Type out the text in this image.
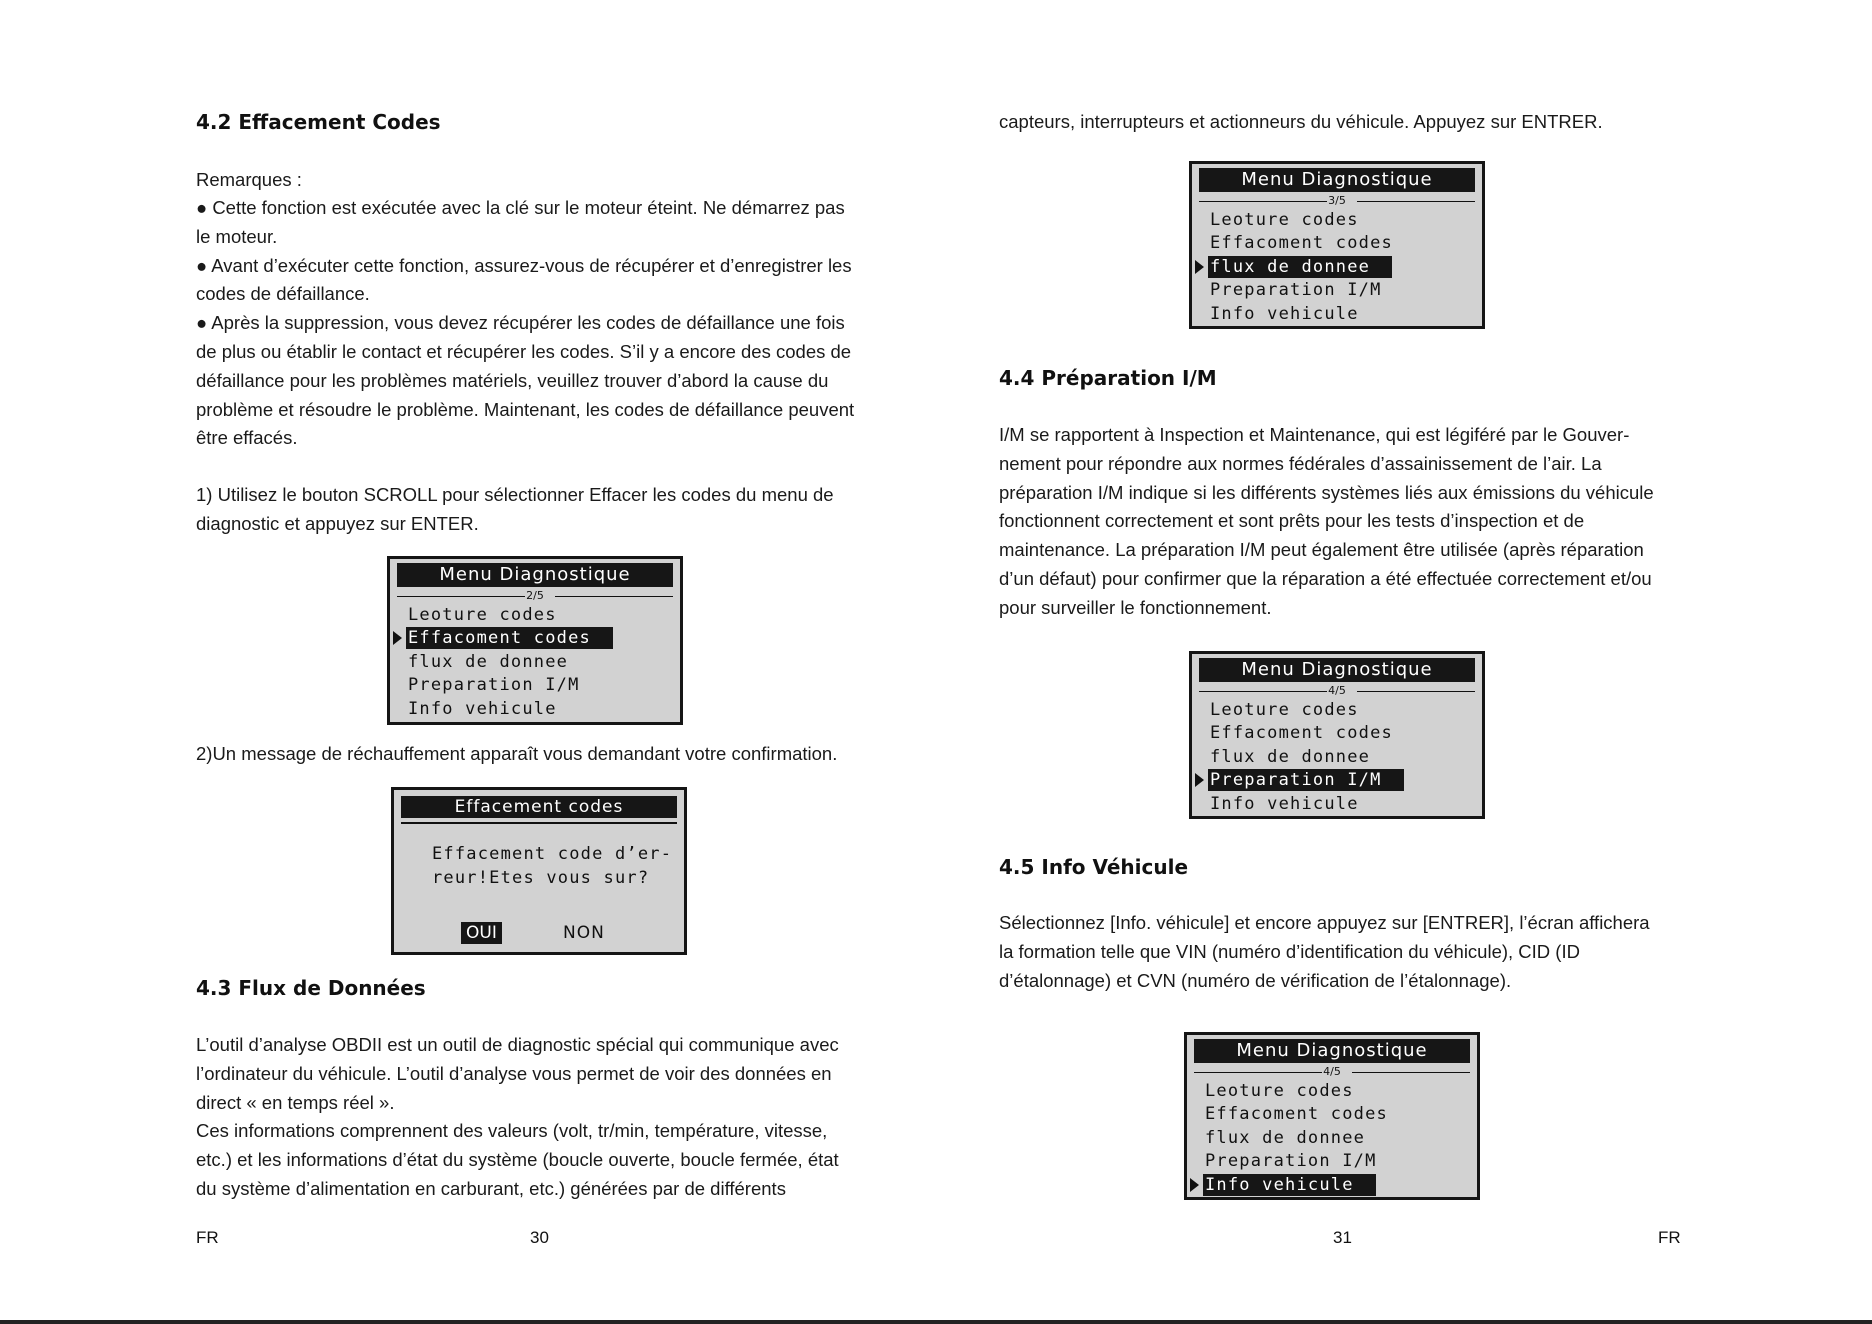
4.2 Effacement Codes

Remarques :

● Cette fonction est exécutée avec la clé sur le moteur éteint. Ne démarrez pas
le moteur.
● Avant d’exécuter cette fonction, assurez-vous de récupérer et d’enregistrer les
codes de défaillance.
● Après la suppression, vous devez récupérer les codes de défaillance une fois
de plus ou établir le contact et récupérer les codes. S’il y a encore des codes de
défaillance pour les problèmes matériels, veuillez trouver d’abord la cause du
problème et résoudre le problème. Maintenant, les codes de défaillance peuvent
être effacés.
1) Utilisez le bouton SCROLL pour sélectionner Effacer les codes du menu de
diagnostic et appuyez sur ENTER.

2)Un message de réchauffement apparaît vous demandant votre confirmation.

4.3 Flux de Données
L’outil d’analyse OBDII est un outil de diagnostic spécial qui communique avec
l’ordinateur du véhicule. L’outil d’analyse vous permet de voir des données en
direct « en temps réel ».
Ces informations comprennent des valeurs (volt, tr/min, température, vitesse,
etc.) et les informations d’état du système (boucle ouverte, boucle fermée, état
du système d’alimentation en carburant, etc.) générées par de différents
FR	30
Menu Diagnostique
2/5
Leoture codes
Effacoment codes
flux de donnee
Preparation I/M
Info vehicule
Effacement codes
Effacement code d’er-
reur!Etes vous sur?
OUI	NON

capteurs, interrupteurs et actionneurs du véhicule. Appuyez sur ENTRER.

4.4 Préparation I/M
I/M se rapportent à Inspection et Maintenance, qui est légiféré par le Gouver-
nement pour répondre aux normes fédérales d’assainissement de l’air. La
préparation I/M indique si les différents systèmes liés aux émissions du véhicule
fonctionnent correctement et sont prêts pour les tests d’inspection et de
maintenance. La préparation I/M peut également être utilisée (après réparation
d’un défaut) pour confirmer que la réparation a été effectuée correctement et/ou
pour surveiller le fonctionnement.
4.5 Info Véhicule
Sélectionnez [Info. véhicule] et encore appuyez sur [ENTRER], l’écran affichera
la formation telle que VIN (numéro d’identification du véhicule), CID (ID
d’étalonnage) et CVN (numéro de vérification de l’étalonnage).
31	FR
Menu Diagnostique
3/5
Leoture codes
Effacoment codes
flux de donnee
Preparation I/M
Info vehicule
Menu Diagnostique
4/5
Leoture codes
Effacoment codes
flux de donnee
Preparation I/M
Info vehicule
Menu Diagnostique
4/5
Leoture codes
Effacoment codes
flux de donnee
Preparation I/M
Info vehicule
